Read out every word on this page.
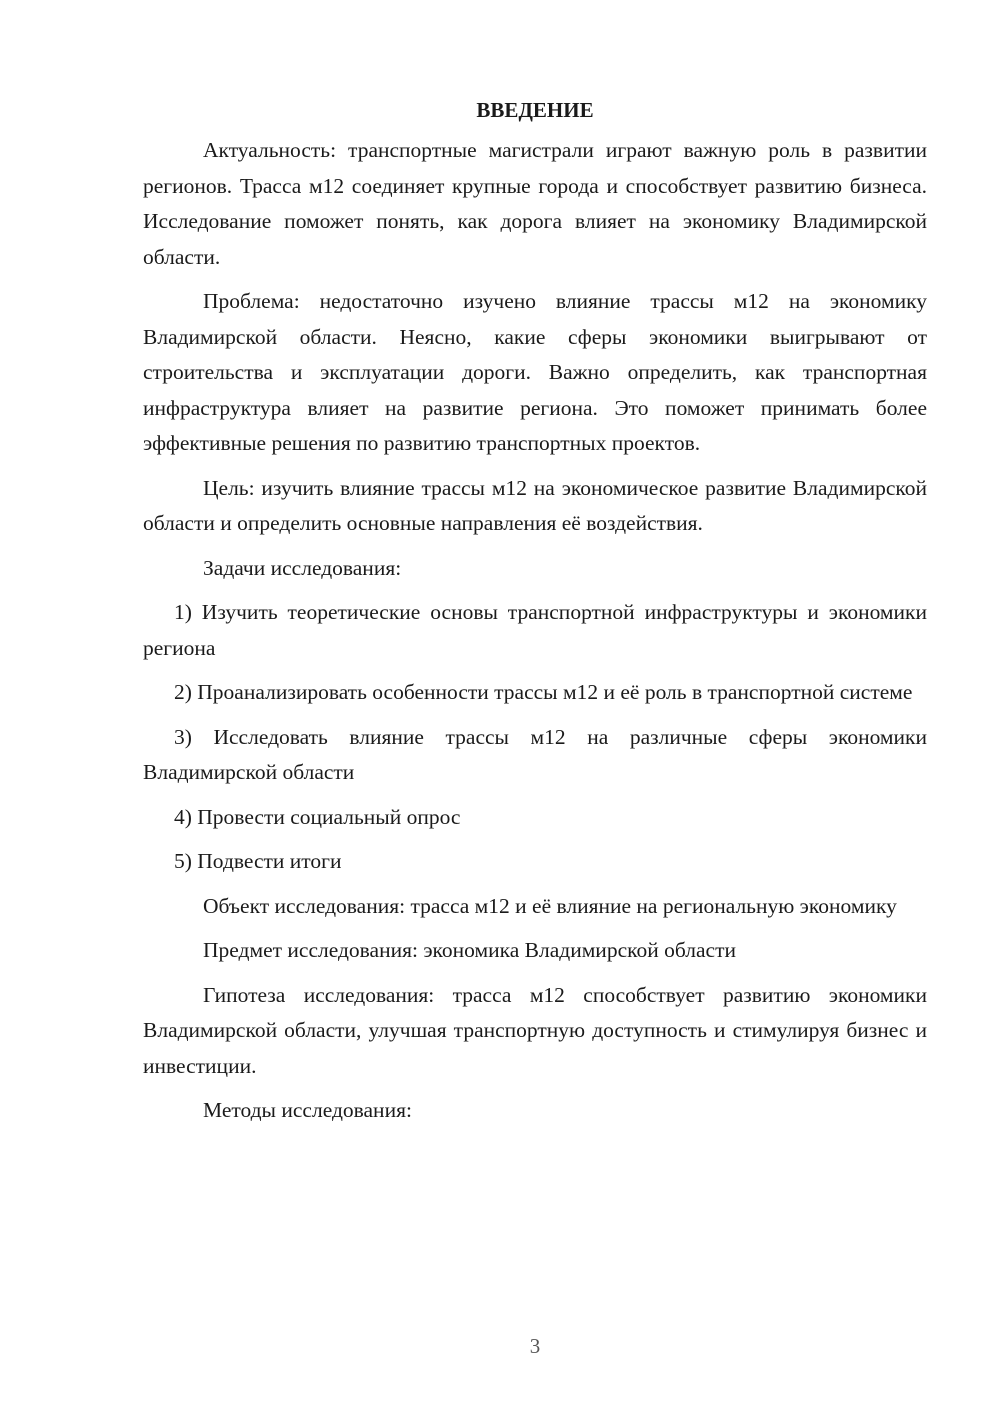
ВВЕДЕНИЕ

Актуальность: транспортные магистрали играют важную роль в развитии регионов. Трасса м12 соединяет крупные города и способствует развитию бизнеса. Исследование поможет понять, как дорога влияет на экономику Владимирской области.

Проблема: недостаточно изучено влияние трассы м12 на экономику Владимирской области. Неясно, какие сферы экономики выигрывают от строительства и эксплуатации дороги. Важно определить, как транспортная инфраструктура влияет на развитие региона. Это поможет принимать более эффективные решения по развитию транспортных проектов.

Цель: изучить влияние трассы м12 на экономическое развитие Владимирской области и определить основные направления её воздействия.

Задачи исследования:

1) Изучить теоретические основы транспортной инфраструктуры и экономики региона

2) Проанализировать особенности трассы м12 и её роль в транспортной системе

3) Исследовать влияние трассы м12 на различные сферы экономики Владимирской области

4) Провести социальный опрос

5) Подвести итоги

Объект исследования: трасса м12 и её влияние на региональную экономику

Предмет исследования: экономика Владимирской области

Гипотеза исследования: трасса м12 способствует развитию экономики Владимирской области, улучшая транспортную доступность и стимулируя бизнес и инвестиции.

Методы исследования:

3
